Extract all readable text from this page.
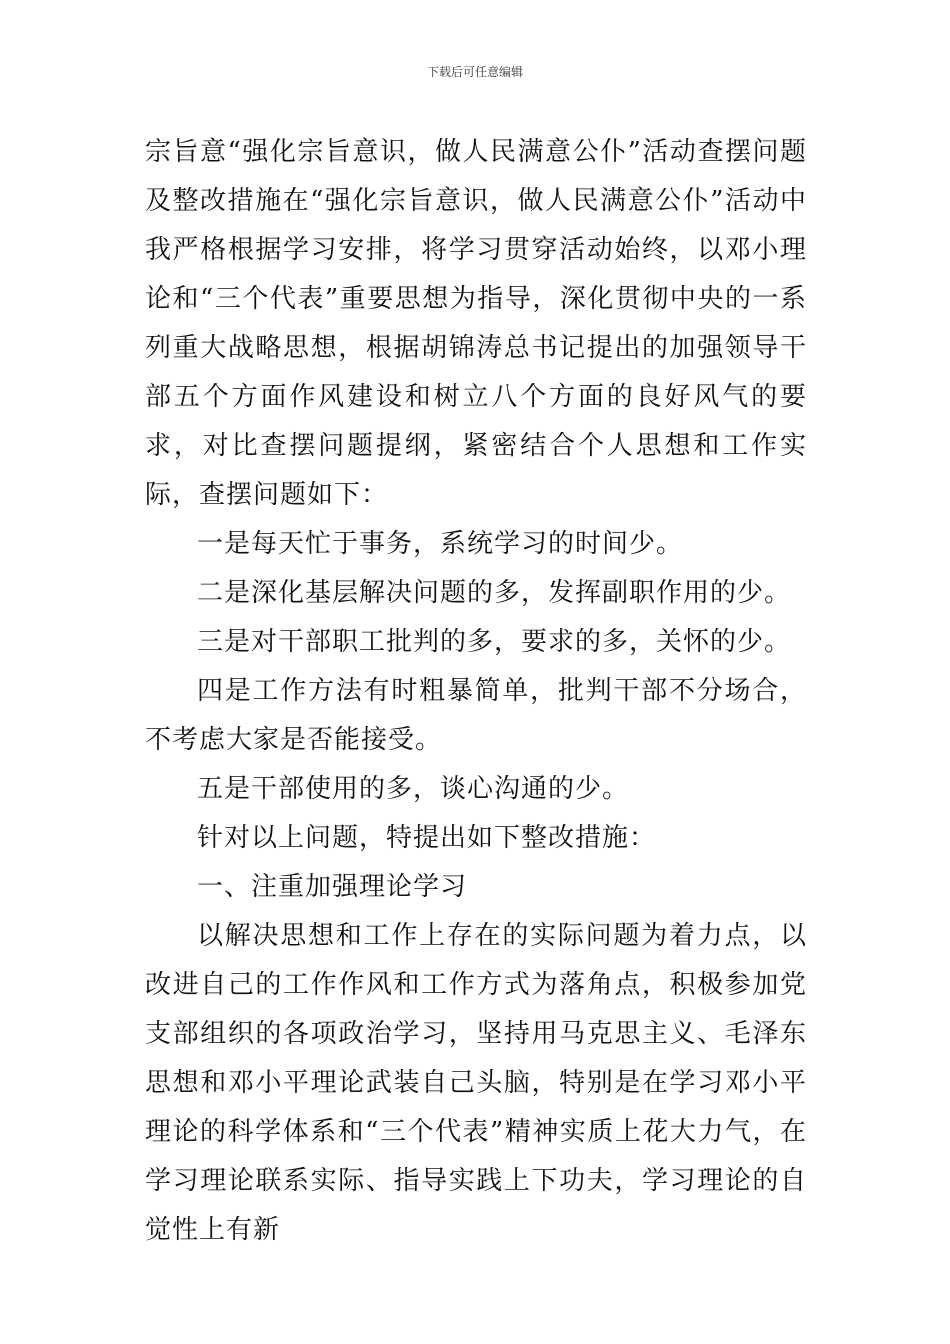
下载后可任意编辑

宗旨意“强化宗旨意识，做人民满意公仆”活动查摆问题及整改措施在“强化宗旨意识，做人民满意公仆”活动中我严格根据学习安排，将学习贯穿活动始终，以邓小理论和“三个代表”重要思想为指导，深化贯彻中央的一系列重大战略思想，根据胡锦涛总书记提出的加强领导干部五个方面作风建设和树立八个方面的良好风气的要求，对比查摆问题提纲，紧密结合个人思想和工作实际，查摆问题如下：

一是每天忙于事务，系统学习的时间少。

二是深化基层解决问题的多，发挥副职作用的少。

三是对干部职工批判的多，要求的多，关怀的少。

四是工作方法有时粗暴简单，批判干部不分场合，不考虑大家是否能接受。

五是干部使用的多，谈心沟通的少。

针对以上问题，特提出如下整改措施：

一、注重加强理论学习

以解决思想和工作上存在的实际问题为着力点，以改进自己的工作作风和工作方式为落角点，积极参加党支部组织的各项政治学习，坚持用马克思主义、毛泽东思想和邓小平理论武装自己头脑，特别是在学习邓小平理论的科学体系和“三个代表”精神实质上花大力气，在学习理论联系实际、指导实践上下功夫，学习理论的自觉性上有新
